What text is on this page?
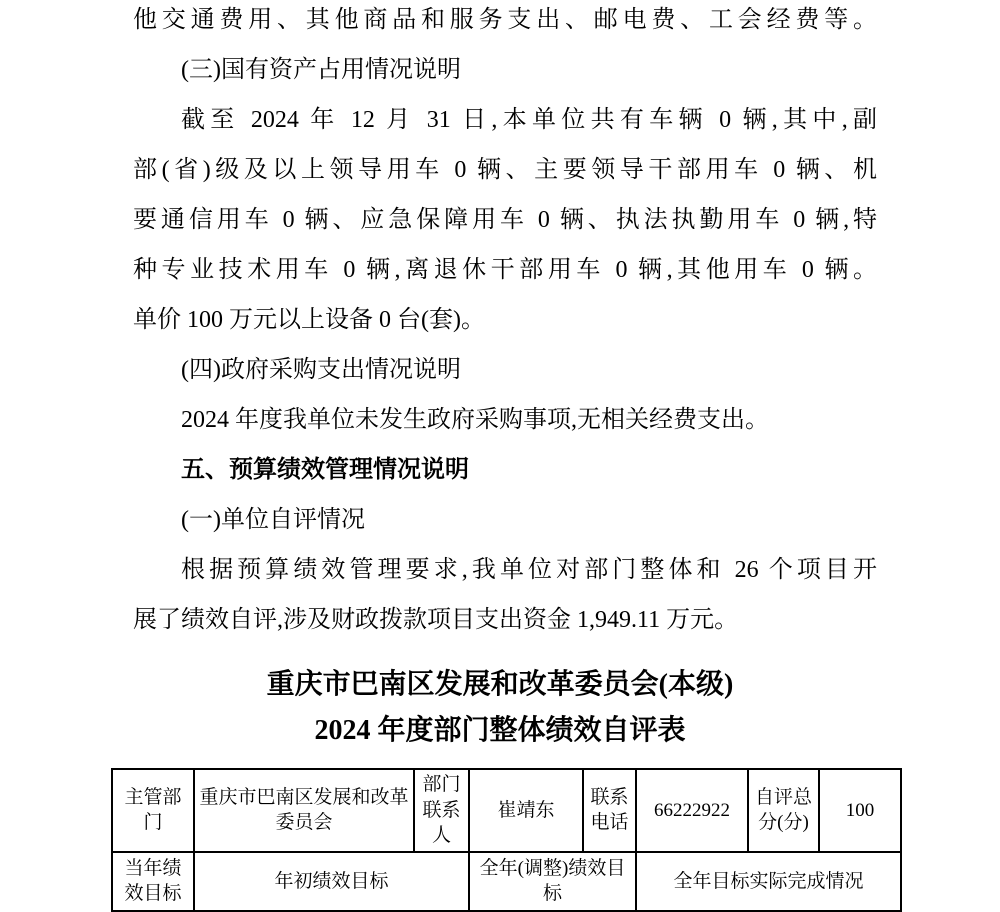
他交通费用、其他商品和服务支出、邮电费、工会经费等。
(三)国有资产占用情况说明
截至 2024 年 12 月 31 日,本单位共有车辆 0 辆,其中,副
部(省)级及以上领导用车 0 辆、主要领导干部用车 0 辆、机
要通信用车 0 辆、应急保障用车 0 辆、执法执勤用车 0 辆,特
种专业技术用车 0 辆,离退休干部用车 0 辆,其他用车 0 辆。
单价 100 万元以上设备 0 台(套)。
(四)政府采购支出情况说明
2024 年度我单位未发生政府采购事项,无相关经费支出。
五、预算绩效管理情况说明
(一)单位自评情况
根据预算绩效管理要求,我单位对部门整体和 26 个项目开
展了绩效自评,涉及财政拨款项目支出资金 1,949.11 万元。
重庆市巴南区发展和改革委员会(本级)
2024 年度部门整体绩效自评表
主管部门	重庆市巴南区发展和改革委员会	部门联系人	崔靖东	联系电话	66222922	自评总分(分)	100
当年绩效目标	年初绩效目标		全年(调整)绩效目标		全年目标实际完成情况		
